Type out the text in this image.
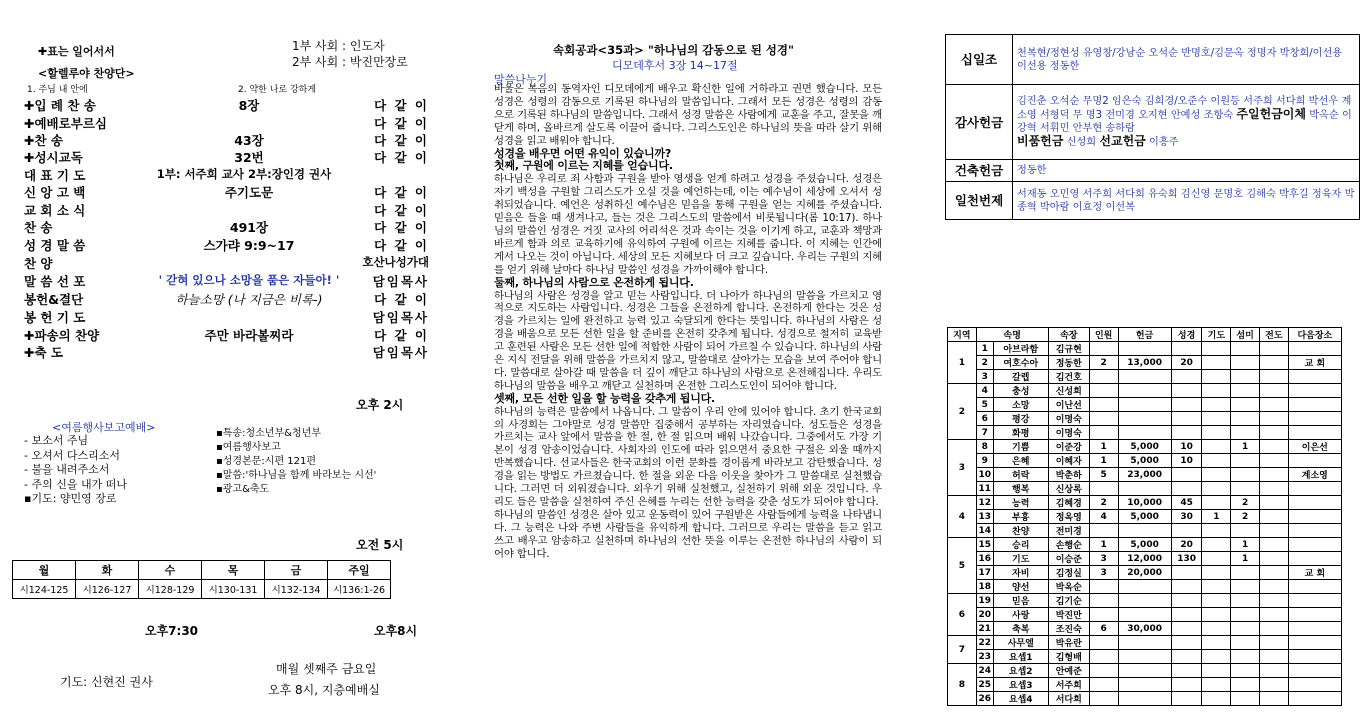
✚표는 일어서서
<할렐루야 찬양단>
1. 주님 내 안에	2. 약한 나로 강하게
1부 사회 : 인도자
2부 사회 : 박진만장로
✚입 례 찬 송	8장	다 같 이
✚예배로부르심	다 같 이
✚찬 송	43장	다 같 이
✚성시교독	32번	다 같 이
대 표 기 도	1부: 서주희 교사 2부:장인경 권사
신 앙 고 백	주기도문	다 같 이
교 회 소 식	다 같 이
찬 송	491장	다 같 이
성 경 말 씀	스가랴 9:9~17	다 같 이
찬 양	호산나성가대
말 씀 선 포	' 갇혀 있으나 소망을 품은 자들아! '	담임목사
봉헌&결단	하늘소망 (나 지금은 비록-)	다 같 이
봉 헌 기 도	담임목사
✚파송의 찬양	주만 바라볼찌라	다 같 이
✚축 도	담임목사
오후 2시
<여름행사보고예배>
- 보소서 주님
- 오셔서 다스리소서
- 불을 내려주소서
- 주의 신을 내가 떠나
▪기도: 양민영 장로
▪특송:청소년부&청년부
▪여름행사보고
▪성경본문:시편 121편
▪말씀:'하나님을 함께 바라보는 시선'
▪광고&축도
오전 5시
월	화	수	목	금	주일
시124-125	시126-127	시128-129	시130-131	시132-134	시136:1-26
오후7:30	오후8시
기도: 신현진 권사
매월 셋째주 금요일
오후 8시, 지층예배실
속회공과<35과> "하나님의 감동으로 된 성경"
디모데후서 3장 14~17절
말씀나누기

바울은 복음의 동역자인 디모데에게 배우고 확신한 일에 거하라고 권면 했습니다. 모든 성경은 성령의 감동으로 기록된 하나님의 말씀입니다. 그래서 모든 성경은 성령의 감동으로 기록된 하나님의 말씀입니다. 그래서 성경 말씀은 사람에게 교훈을 주고, 잘못을 깨닫게 하며, 올바르게 살도록 이끌어 줍니다. 그리스도인은 하나님의 뜻을 따라 살기 위해 성경을 읽고 배워야 합니다.

성경을 배우면 어떤 유익이 있습니까?

첫째, 구원에 이르는 지혜를 얻습니다.

하나님은 우리로 죄 사함과 구원을 받아 영생을 얻게 하려고 성경을 주셨습니다. 성경은 자기 백성을 구원할 그리스도가 오실 것을 예언하는데, 이는 예수님이 세상에 오셔서 성취되었습니다. 예언은 성취하신 예수님은 믿음을 통해 구원을 얻는 지혜를 주셨습니다. 믿음은 들을 때 생겨나고, 들는 것은 그리스도의 말씀에서 비롯됩니다(롬 10:17). 하나님의 말씀인 성경은 거짓 교사의 어리석은 것과 속이는 것을 이기게 하고, 교훈과 책망과 바르게 함과 의로 교육하기에 유익하여 구원에 이르는 지혜를 줍니다. 이 지혜는 인간에게서 나오는 것이 아닙니다. 세상의 모든 지혜보다 더 크고 깊습니다. 우리는 구원의 지혜를 얻기 위해 날마다 하나님 말씀인 성경을 가까이해야 합니다.

둘째, 하나님의 사람으로 온전하게 됩니다.

하나님의 사람은 성경을 알고 믿는 사람입니다. 더 나아가 하나님의 말씀을 가르치고 영적으로 지도하는 사람입니다. 성경은 그들을 온전하게 합니다. 온전하게 한다는 것은 성경을 가르치는 일에 완전하고 능력 있고 숙달되게 한다는 뜻입니다. 하나님의 사람은 성경을 배움으로 모든 선한 일을 할 준비를 온전히 갖추게 됩니다. 성경으로 철저히 교육받고 훈련된 사람은 모든 선한 일에 적합한 사람이 되어 가르칠 수 있습니다. 하나님의 사람은 지식 전달을 위해 말씀을 가르치지 않고, 말씀대로 살아가는 모습을 보여 주어야 합니다. 말씀대로 살아갈 때 말씀을 더 깊이 깨닫고 하나님의 사람으로 온전해집니다. 우리도 하나님의 말씀을 배우고 깨닫고 실천하며 온전한 그리스도인이 되어야 합니다.

셋째, 모든 선한 일을 할 능력을 갖추게 됩니다.

하나님의 능력은 말씀에서 나옵니다. 그 말씀이 우리 안에 있어야 합니다. 초기 한국교회의 사경회는 그야말로 성경 말씀만 집중해서 공부하는 자리였습니다. 성도들은 성경을 가르치는 교사 앞에서 말씀을 한 절, 한 절 읽으며 배워 나갔습니다. 그중에서도 가장 기본이 성경 암송이었습니다. 사회자의 인도에 따라 읽으면서 중요한 구절은 외울 때까지 반복했습니다. 선교사들은 한국교회의 이런 문화를 경이롭게 바라보고 감탄했습니다. 성경을 읽는 방법도 가르쳤습니다. 한 절을 외운 다음 이웃을 찾아가 그 말씀대로 실천했습니다. 그러면 더 외워졌습니다. 외우기 위해 실천했고, 실천하기 위해 외운 것입니다. 우리도 들은 말씀을 실천하여 주신 은혜를 누리는 선한 능력을 갖춘 성도가 되어야 합니다.

하나님의 말씀인 성경은 살아 있고 운동력이 있어 구원받은 사람들에게 능력을 나타냅니다. 그 능력은 나와 주변 사람들을 유익하게 합니다. 그러므로 우리는 말씀을 듣고 읽고 쓰고 배우고 암송하고 실천하며 하나님의 선한 뜻을 이루는 온전한 하나님의 사람이 되어야 합니다.

십일조	천복현/정현성 유영창/강남순 오석순 반명호/김문옥 정명자 박창희/이선용 이선용 정동한
감사헌금	김진춘 오석순 무명2 임은숙 김희경/오준수 이원등 서주희 서다희 박선우 계소영 서형덕 무 명3 전미경 오지현 안예성 조항숙 주일헌금이체 박옥순 이강혁 서휘민 안부현 송하람
비품헌금 신성희 선교헌금 이흥주
건축헌금	정동한
일천번제	서재동 오민영 서주희 서다희 유숙희 김신영 문명호 김해숙 박후길 정육자 박종혁 박아람 이효정 이선복
지역	속명		속장	인원	헌금	성경	기도	섬미	전도	다음장소
1	1	아브라함	김규현							
	2	여호수아	정동한	2	13,000	20				교 회
	3	갈렙	김건호							
2	4	충성	신성희							
	5	소망	이난선							
	6	평강	이명숙							
	7	화평	이명숙							
3	8	기쁨	이준강	1	5,000	10		1		이은선
	9	은혜	이혜자	1	5,000	10				
	10	허락	박춘하	5	23,000					계소영
	11	행복	신상록							
4	12	능력	김혜경	2	10,000	45		2		
	13	부흥	정옥영	4	5,000	30	1	2		
	14	찬양	전미경							
5	15	승리	손행순	1	5,000	20		1		
	16	기도	이승준	3	12,000	130		1		
	17	자비	김정실	3	20,000					교 회
	18	양선	박옥순							
6	19	믿음	김기순							
	20	사랑	박진만							
	21	축복	조진숙	6	30,000					
7	22	사무엘	박유란							
	23	요셉1	김형배							
8	24	요셉2	안예준							
	25	요셉3	서주희							
	26	요셉4	서다희							
